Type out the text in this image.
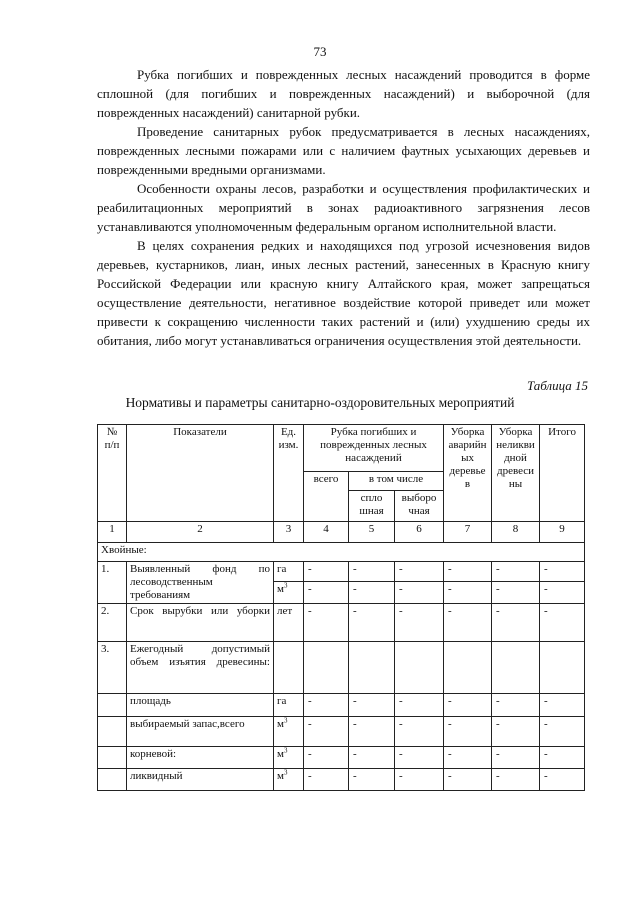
73

Рубка погибших и поврежденных лесных насаждений проводится в форме сплошной (для погибших и поврежденных насаждений) и выборочной (для поврежденных насаждений) санитарной рубки.

Проведение санитарных рубок предусматривается в лесных насаждениях, поврежденных лесными пожарами или с наличием фаутных усыхающих деревьев и поврежденными вредными организмами.

Особенности охраны лесов, разработки и осуществления профилактических и реабилитационных мероприятий в зонах радиоактивного загрязнения лесов устанавливаются уполномоченным федеральным органом исполнительной власти.

В целях сохранения редких и находящихся под угрозой исчезновения видов деревьев, кустарников, лиан, иных лесных растений, занесенных в Красную книгу Российской Федерации или красную книгу Алтайского края, может запрещаться осуществление деятельности, негативное воздействие которой приведет или может привести к сокращению численности таких растений и (или) ухудшению среды их обитания, либо могут устанавливаться ограничения осуществления этой деятельности.

Таблица 15
Нормативы и параметры санитарно-оздоровительных мероприятий
№ п/п	Показатели	Ед. изм.	Рубка погибших и поврежденных лесных насаждений			Уборка аварийн ых деревье в	Уборка неликви дной древеси ны	Итого
			всего	в том числе				
				спло шная	выборо чная			
1	2	3	4	5	6	7	8	9
Хвойные:								
1.	Выявленный фонд по лесоводственным требованиям	га	-	-	-	-	-	-
		$м^3$	-	-	-	-	-	-
2.	Срок вырубки или уборки	лет	-	-	-	-	-	-
3.	Ежегодный допустимый объем изъятия древесины:							
	площадь	га	-	-	-	-	-	-
	выбираемый запас,всего	$м^3$	-	-	-	-	-	-
	корневой:	$м^3$	-	-	-	-	-	-
	ликвидный	$м^3$	-	-	-	-	-	-
